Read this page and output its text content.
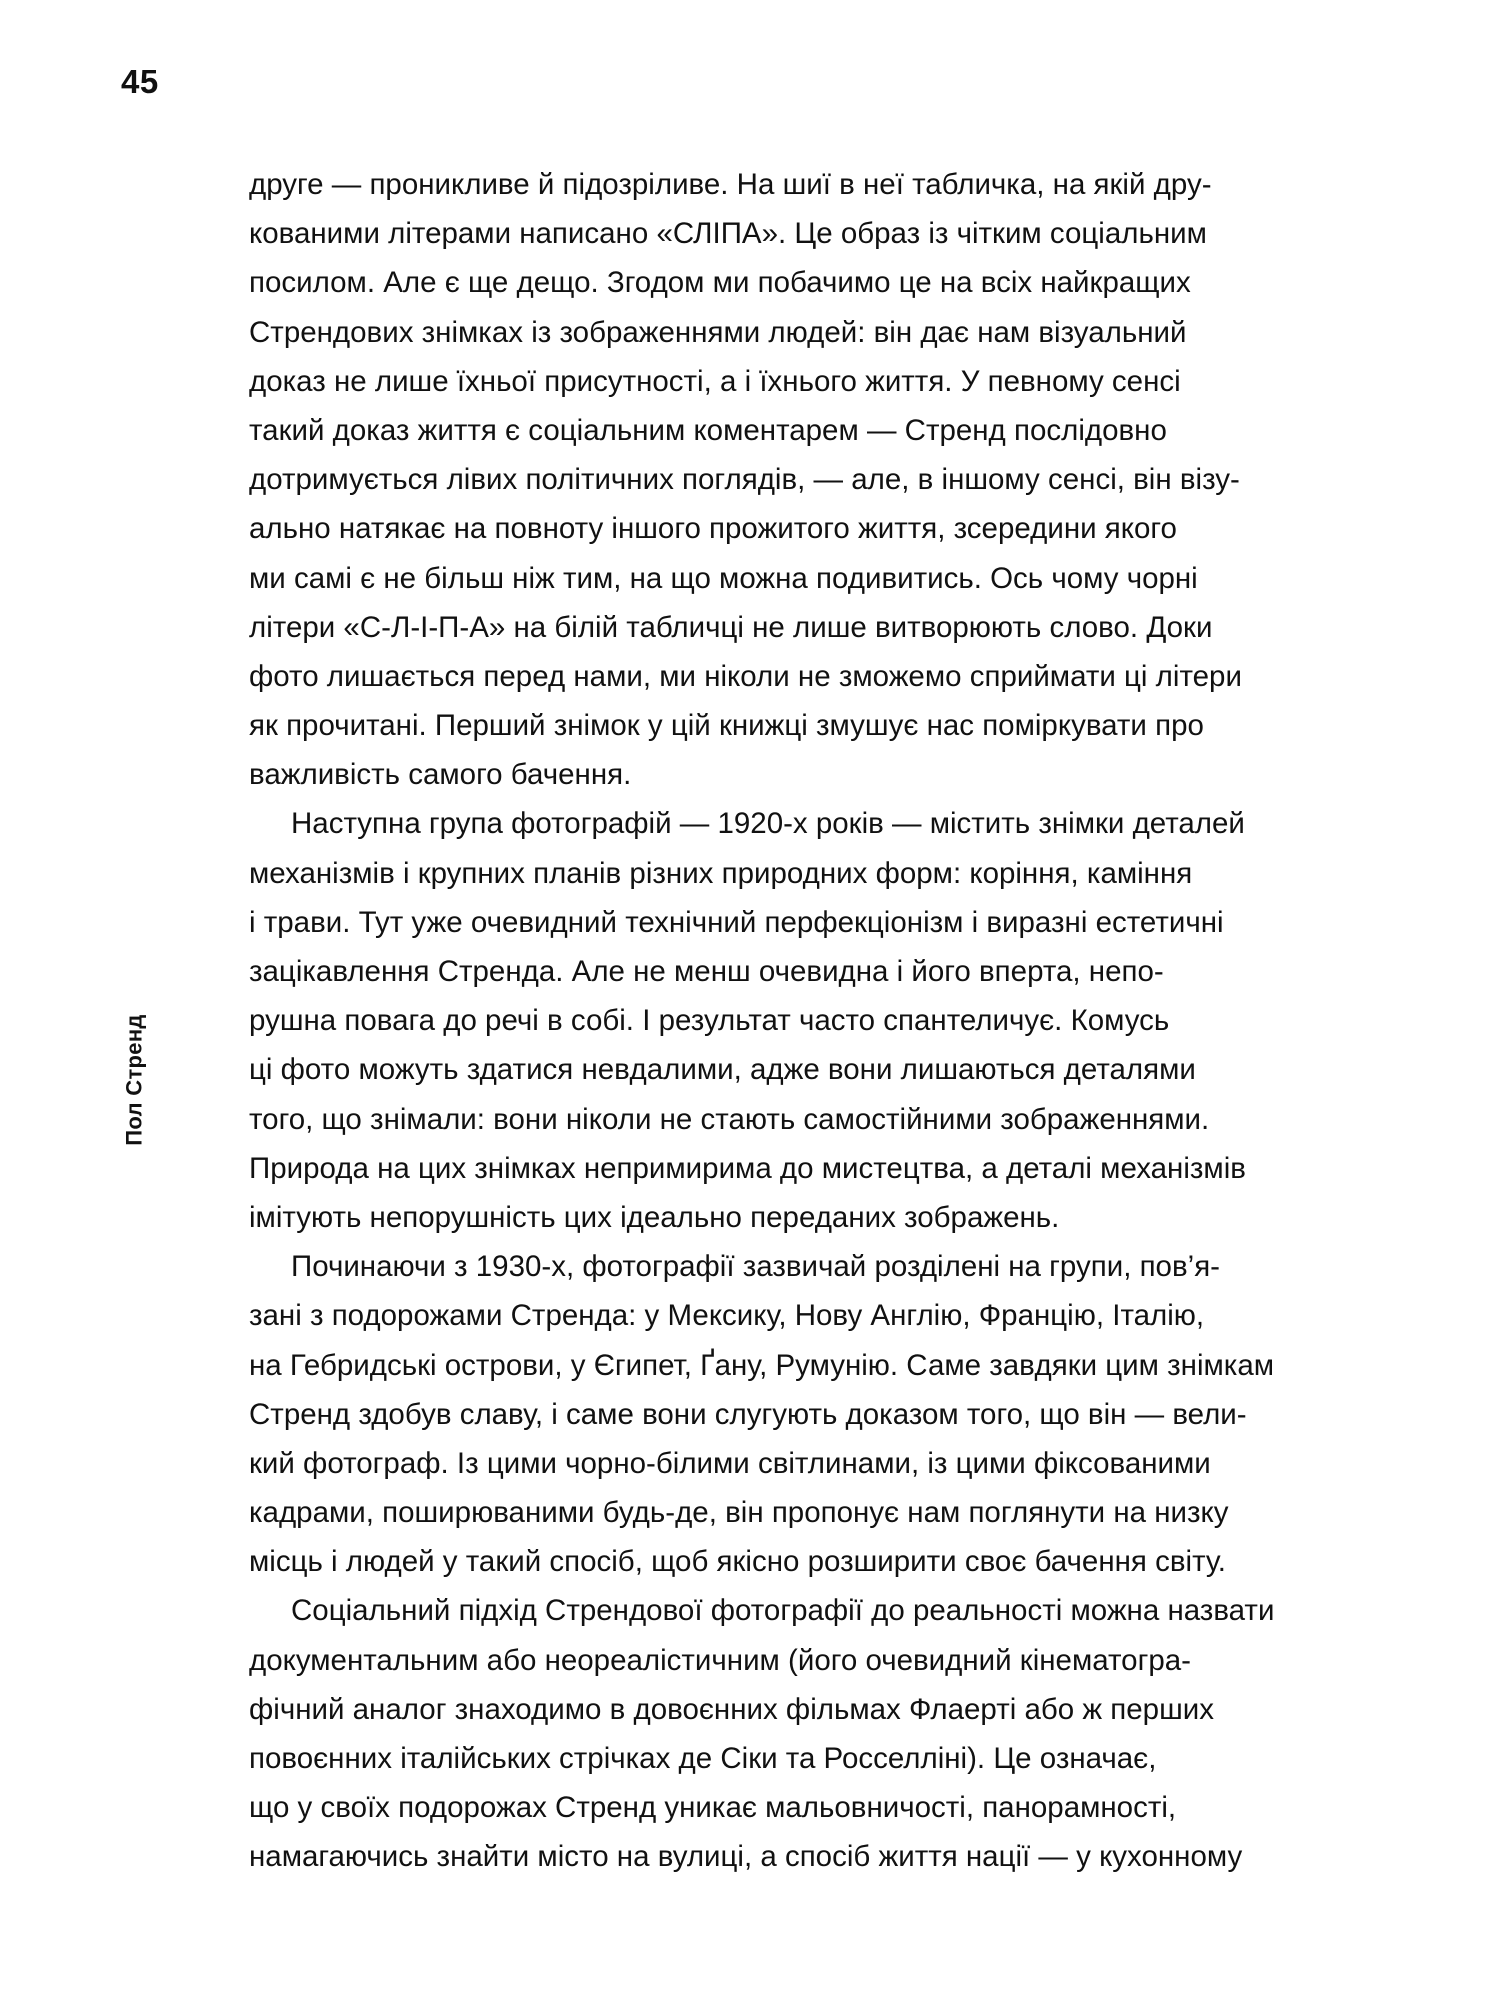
45
Пол Стренд
друге — проникливе й підозріливе. На шиї в неї табличка, на якій дру-
кованими літерами написано «СЛІПА». Це образ із чітким соціальним
посилом. Але є ще дещо. Згодом ми побачимо це на всіх найкращих
Стрендових знімках із зображеннями людей: він дає нам візуальний
доказ не лише їхньої присутності, а і їхнього життя. У певному сенсі
такий доказ життя є соціальним коментарем — Стренд послідовно
дотримується лівих політичних поглядів, — але, в іншому сенсі, він візу-
ально натякає на повноту іншого прожитого життя, зсередини якого
ми самі є не більш ніж тим, на що можна подивитись. Ось чому чорні
літери «С-Л-І-П-А» на білій табличці не лише витворюють слово. Доки
фото лишається перед нами, ми ніколи не зможемо сприймати ці літери
як прочитані. Перший знімок у цій книжці змушує нас поміркувати про
важливість самого бачення.
Наступна група фотографій — 1920-х років — містить знімки деталей
механізмів і крупних планів різних природних форм: коріння, каміння
і трави. Тут уже очевидний технічний перфекціонізм і виразні естетичні
зацікавлення Стренда. Але не менш очевидна і його вперта, непо-
рушна повага до речі в собі. І результат часто спантеличує. Комусь
ці фото можуть здатися невдалими, адже вони лишаються деталями
того, що знімали: вони ніколи не стають самостійними зображеннями.
Природа на цих знімках непримирима до мистецтва, а деталі механізмів
імітують непорушність цих ідеально переданих зображень.
Починаючи з 1930-х, фотографії зазвичай розділені на групи, пов’я-
зані з подорожами Стренда: у Мексику, Нову Англію, Францію, Італію,
на Гебридські острови, у Єгипет, Ґану, Румунію. Саме завдяки цим знімкам
Стренд здобув славу, і саме вони слугують доказом того, що він — вели-
кий фотограф. Із цими чорно-білими світлинами, із цими фіксованими
кадрами, поширюваними будь-де, він пропонує нам поглянути на низку
місць і людей у такий спосіб, щоб якісно розширити своє бачення світу.
Соціальний підхід Стрендової фотографії до реальності можна назвати
документальним або неореалістичним (його очевидний кінематогра-
фічний аналог знаходимо в довоєнних фільмах Флаерті або ж перших
повоєнних італійських стрічках де Сіки та Росселліні). Це означає,
що у своїх подорожах Стренд уникає мальовничості, панорамності,
намагаючись знайти місто на вулиці, а спосіб життя нації — у кухонному
